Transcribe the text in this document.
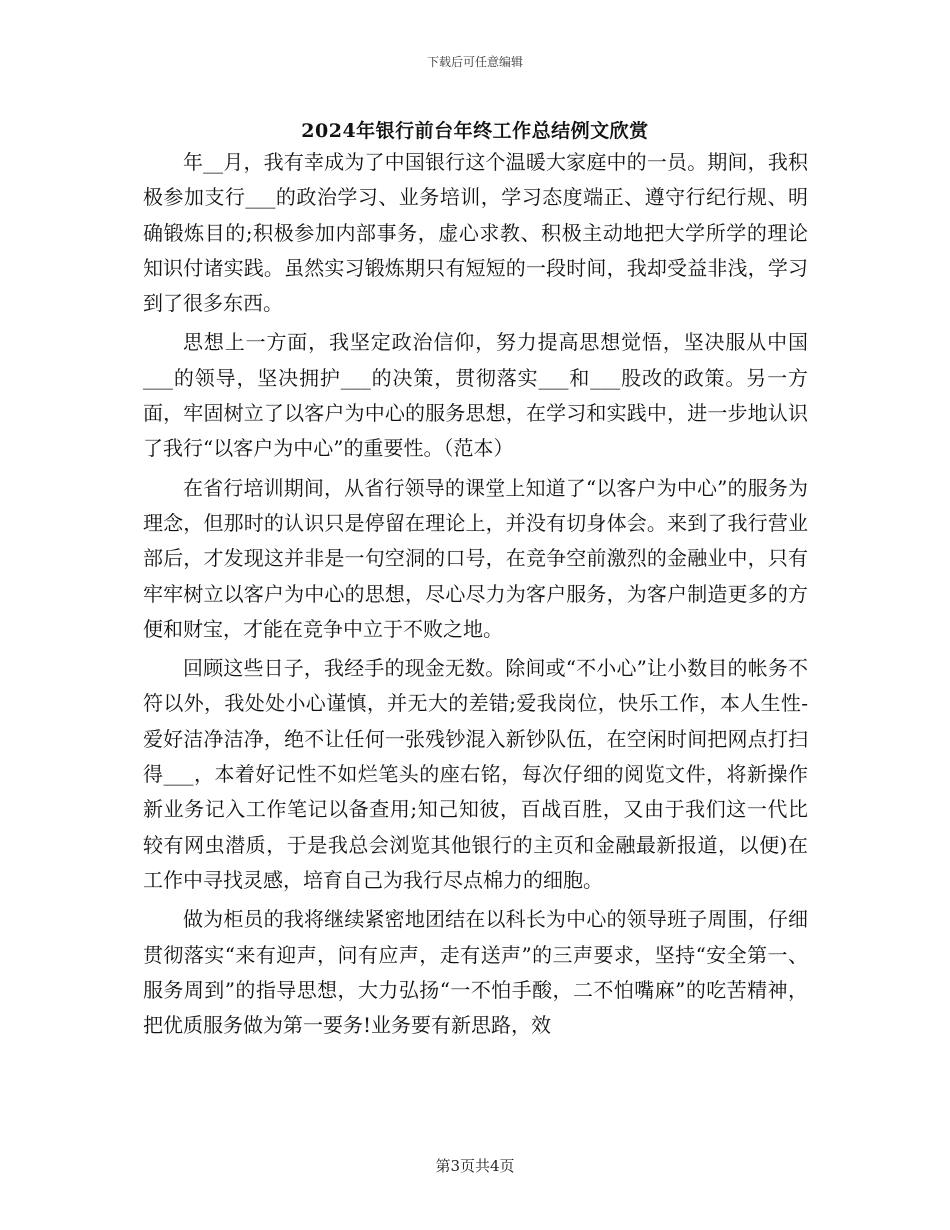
下载后可任意编辑
2024年银行前台年终工作总结例文欣赏

年__月，我有幸成为了中国银行这个温暖大家庭中的一员。期间，我积极参加支行___的政治学习、业务培训，学习态度端正、遵守行纪行规、明确锻炼目的;积极参加内部事务，虚心求教、积极主动地把大学所学的理论知识付诸实践。虽然实习锻炼期只有短短的一段时间，我却受益非浅，学习到了很多东西。

思想上一方面，我坚定政治信仰，努力提高思想觉悟，坚决服从中国___的领导，坚决拥护___的决策，贯彻落实___和___股改的政策。另一方面，牢固树立了以客户为中心的服务思想，在学习和实践中，进一步地认识了我行“以客户为中心”的重要性。（范本）

在省行培训期间，从省行领导的课堂上知道了“以客户为中心”的服务为理念，但那时的认识只是停留在理论上，并没有切身体会。来到了我行营业部后，才发现这并非是一句空洞的口号，在竞争空前激烈的金融业中，只有牢牢树立以客户为中心的思想，尽心尽力为客户服务，为客户制造更多的方便和财宝，才能在竞争中立于不败之地。

回顾这些日子，我经手的现金无数。除间或“不小心”让小数目的帐务不符以外，我处处小心谨慎，并无大的差错;爱我岗位，快乐工作，本人生性-爱好洁净洁净，绝不让任何一张残钞混入新钞队伍，在空闲时间把网点打扫得___，本着好记性不如烂笔头的座右铭，每次仔细的阅览文件，将新操作新业务记入工作笔记以备查用;知己知彼，百战百胜，又由于我们这一代比较有网虫潜质，于是我总会浏览其他银行的主页和金融最新报道，以便)在工作中寻找灵感，培育自己为我行尽点棉力的细胞。

做为柜员的我将继续紧密地团结在以科长为中心的领导班子周围，仔细贯彻落实“来有迎声，问有应声，走有送声”的三声要求，坚持“安全第一、服务周到”的指导思想，大力弘扬“一不怕手酸，二不怕嘴麻”的吃苦精神，把优质服务做为第一要务!业务要有新思路，效

第3页共4页
